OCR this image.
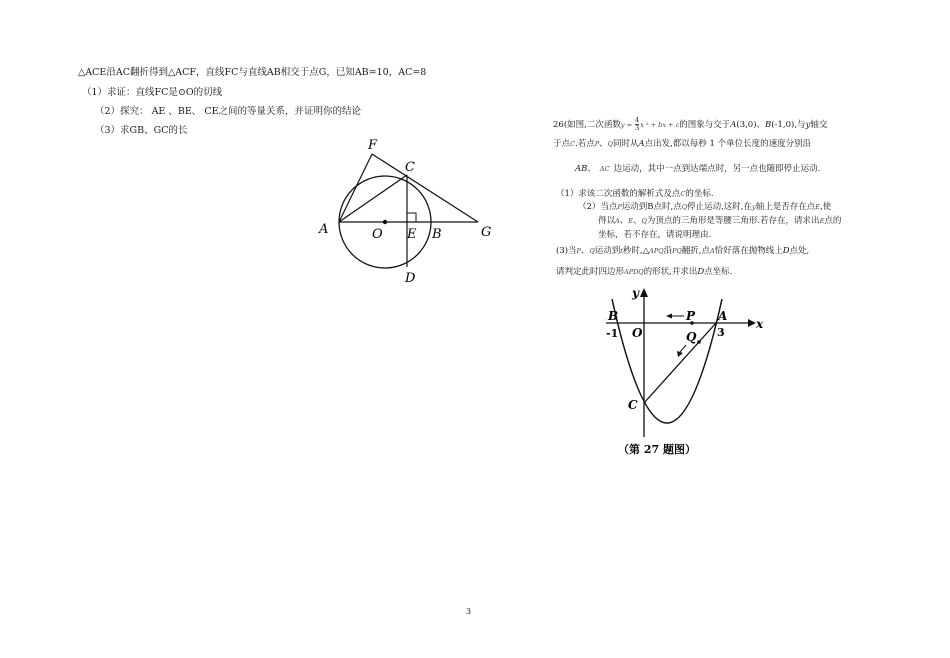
△ACE沿AC翻折得到△ACF，直线FC与直线AB相交于点G，已知AB=10，AC=8
（1）求证：直线FC是⊙O的切线
（2）探究： AE 、BE、 CE之间的等量关系，并证明你的结论
（3）求GB、GC的长
F
C
A	O E B	G
D
26(如图,二次函数$y = \frac{4}{3}$ x ² + bx + c的图象与交于A(3,0)、B(-1,0),与y轴交
于点C.若点P、Q同时从A点出发,都以每秒 1 个单位长度的速度分别沿
AB、 AC 边运动，其中一点到达端点时，另一点也随即停止运动.
（1）求该二次函数的解析式及点C的坐标.
（2）当点P运动到B点时,点Q停止运动,这时,在y轴上是否存在点E,使
得以A、E、Q为顶点的三角形是等腰三角形.若存在，请求出E点的
坐标，若不存在，请说明理由.
(3)当P、Q运动到t秒时,△APQ沿PQ翻折,点A恰好落在抛物线上D点处,
请判定此时四边形APDQ的形状,并求出D点坐标.
y
x
B
O
P A
Q
-1	3
C
（第 27 题图）
3
